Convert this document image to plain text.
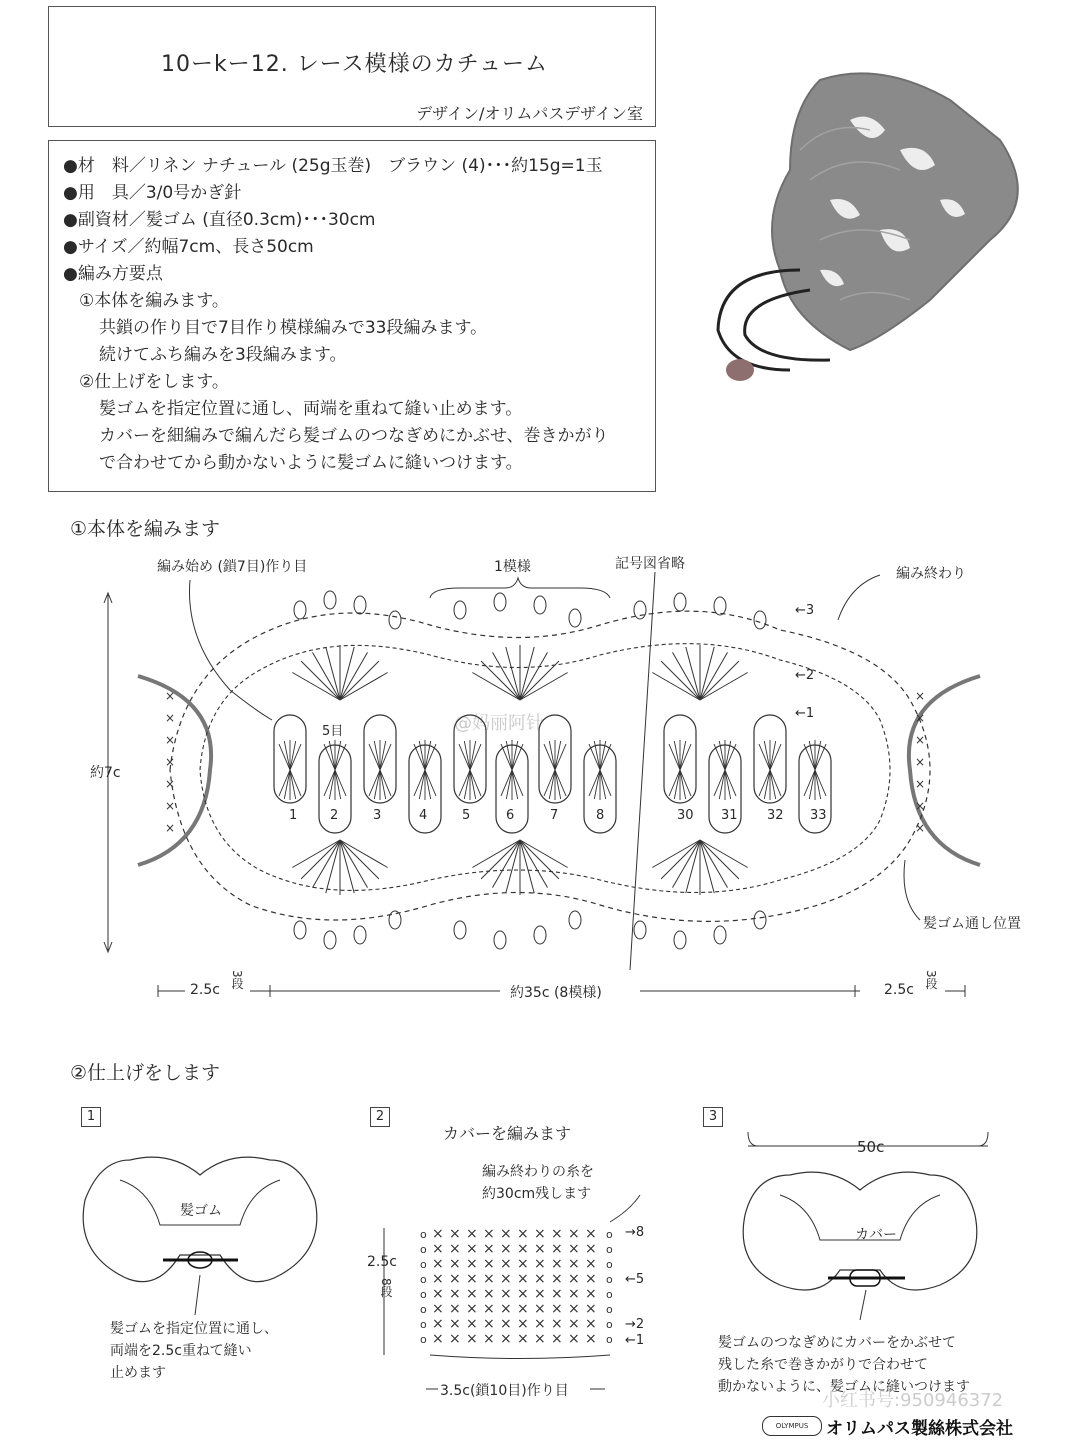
10ーkー12. レース模様のカチューム
デザイン/オリムパスデザイン室
●材　料／リネン ナチュール (25g玉巻)　ブラウン (4)･･･約15g=1玉
●用　具／3/0号かぎ針
●副資材／髪ゴム (直径0.3cm)･･･30cm
●サイズ／約幅7cm、長さ50cm
●編み方要点
①本体を編みます。
共鎖の作り目で7目作り模様編みで33段編みます。
続けてふち編みを3段編みます。
②仕上げをします。
髪ゴムを指定位置に通し、両端を重ねて縫い止めます。
カバーを細編みで編んだら髪ゴムのつなぎめにかぶせ、巻きかがり
で合わせてから動かないように髪ゴムに縫いつけます。
①本体を編みます
編み始め (鎖7目)作り目	1模様	記号図省略
編み終わり
5目
約7c
髪ゴム通し位置
←3
←2
←1
1	2	3	4	5	6	7	8	30 31 32 33
2.5c
3段
約35c (8模様)	2.5c
3段
@妈丽阿针
×	×
×	×
×	×
×	×
×	×
×	×
×	×
②仕上げをします
1
髪ゴム
髪ゴムを指定位置に通し、
両端を2.5c重ねて縫い
止めます
2
カバーを編みます
編み終わりの糸を
約30cm残します
2.5c
8段
→8
←5
→2
←1
3.5c(鎖10目)作り目
3
50c
カバー
髪ゴムのつなぎめにカバーをかぶせて
残した糸で巻きかがりで合わせて
動かないように、髪ゴムに縫いつけます
小红书号:950946372
OLYMPUS	オリムパス製絲株式会社
o × × × × × × × × × × o
o × × × × × × × × × × o
o × × × × × × × × × × o
o × × × × × × × × × × o
o × × × × × × × × × × o
o × × × × × × × × × × o
o × × × × × × × × × × o
o × × × × × × × × × × o
